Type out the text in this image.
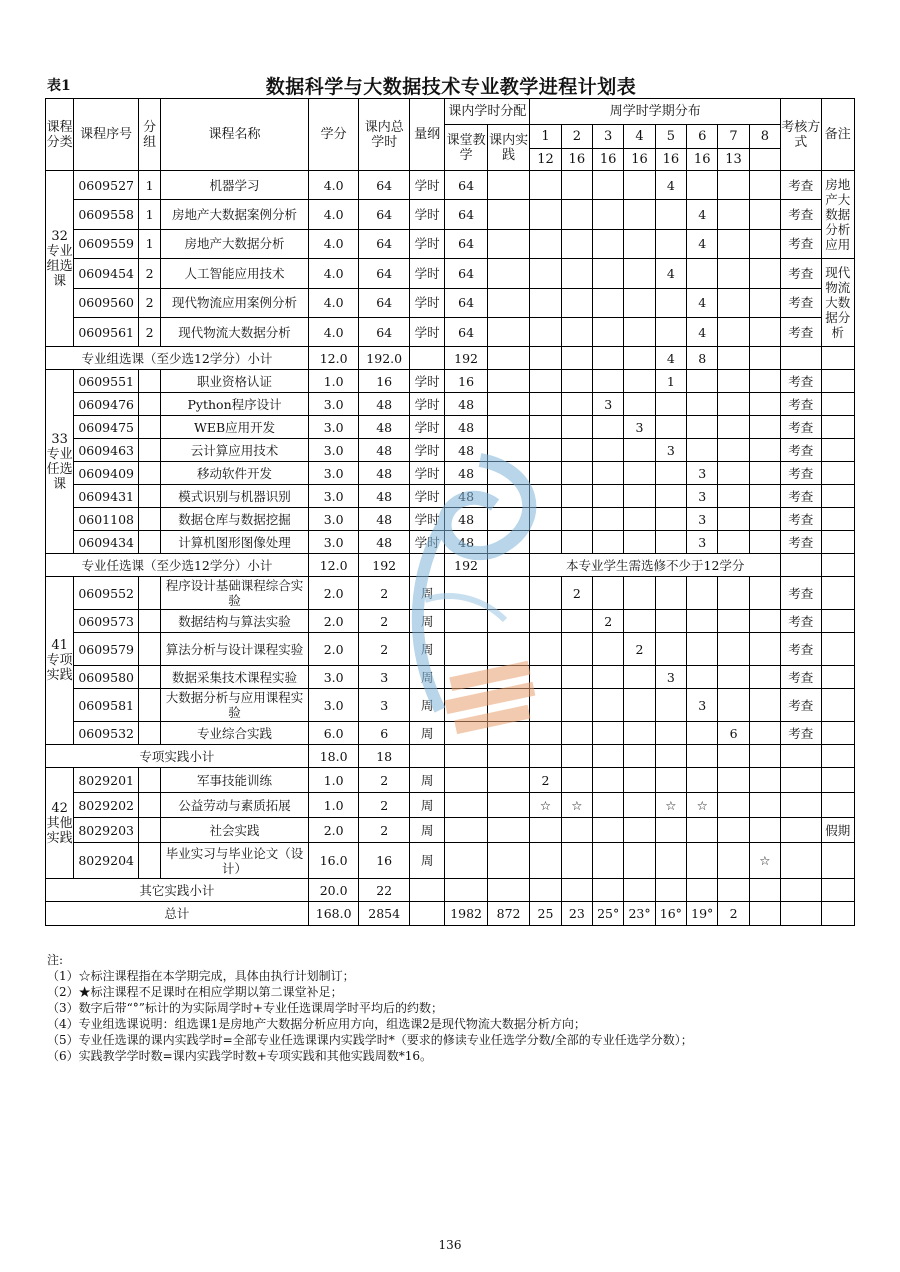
表1	数据科学与大数据技术专业教学进程计划表
课程分类	课程序号	分组	课程名称	学分	课内总学时	量纲	课内学时分配		周学时学期分布								考核方式	备注
							课堂教学	课内实践	1	2	3	4	5	6	7	8		
									12	16	16	16	16	16	13			
32专业组选课	0609527	1	机器学习	4.0	64	学时	64						4				考查	房地产大数据分析应用
	0609558	1	房地产大数据案例分析	4.0	64	学时	64							4			考查	
	0609559	1	房地产大数据分析	4.0	64	学时	64							4			考查	
	0609454	2	人工智能应用技术	4.0	64	学时	64						4				考查	现代物流大数据分析
	0609560	2	现代物流应用案例分析	4.0	64	学时	64							4			考查	
	0609561	2	现代物流大数据分析	4.0	64	学时	64							4			考查	
专业组选课（至少选12学分）小计				12.0	192.0		192						4	8				
33专业任选课	0609551		职业资格认证	1.0	16	学时	16						1				考查	
	0609476		Python程序设计	3.0	48	学时	48				3						考查	
	0609475		WEB应用开发	3.0	48	学时	48					3					考查	
	0609463		云计算应用技术	3.0	48	学时	48						3				考查	
	0609409		移动软件开发	3.0	48	学时	48							3			考查	
	0609431		模式识别与机器识别	3.0	48	学时	48							3			考查	
	0601108		数据仓库与数据挖掘	3.0	48	学时	48							3			考查	
	0609434		计算机图形图像处理	3.0	48	学时	48							3			考查	
专业任选课（至少选12学分）小计				12.0	192		192		本专业学生需选修不少于12学分									
41专项实践	0609552		程序设计基础课程综合实验	2.0	2	周				2							考查	
	0609573		数据结构与算法实验	2.0	2	周					2						考查	
	0609579		算法分析与设计课程实验	2.0	2	周						2					考查	
	0609580		数据采集技术课程实验	3.0	3	周							3				考查	
	0609581		大数据分析与应用课程实验	3.0	3	周								3			考查	
	0609532		专业综合实践	6.0	6	周									6		考查	
专项实践小计				18.0	18													
42其他实践	8029201		军事技能训练	1.0	2	周			2									
	8029202		公益劳动与素质拓展	1.0	2	周			☆	☆			☆	☆				
	8029203		社会实践	2.0	2	周												假期
	8029204		毕业实习与毕业论文（设计）	16.0	16	周										☆		
其它实践小计				20.0	22													
总计				168.0	2854		1982	872	25	23	25°	23°	16°	19°	2			
注:
（1）☆标注课程指在本学期完成，具体由执行计划制订；
（2）★标注课程不足课时在相应学期以第二课堂补足；
（3）数字后带“°”标计的为实际周学时+专业任选课周学时平均后的约数；
（4）专业组选课说明：组选课1是房地产大数据分析应用方向，组选课2是现代物流大数据分析方向；
（5）专业任选课的课内实践学时=全部专业任选课课内实践学时*（要求的修读专业任选学分数/全部的专业任选学分数）；
（6）实践教学学时数=课内实践学时数+专项实践和其他实践周数*16。
136
